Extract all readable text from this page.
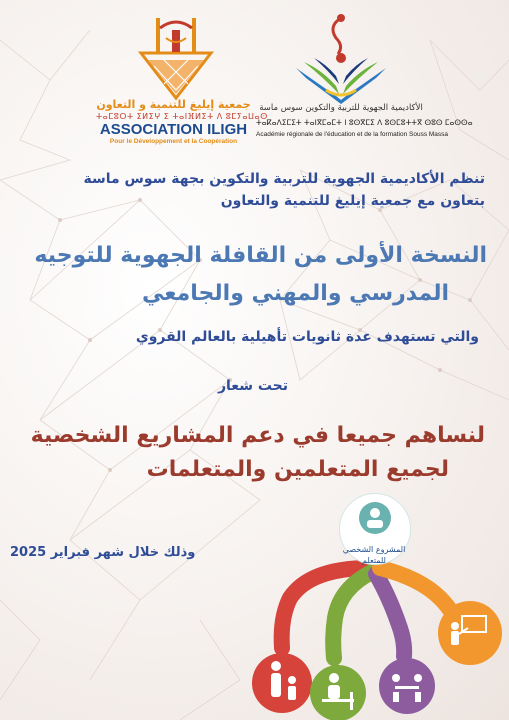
جمعية إيليغ للتنمية و التعاون
ⵜⴰⵎⵓⵔⵜ ⵉⵍⵉⵖ ⵉ ⵜⴰⵏⴼⵍⵉⵜ ⴷ ⵓⵎⵢⴰⵡⴰⵙ
ASSOCIATION ILIGH
Pour le Développement et la Coopération
الأكاديمية الجهوية للتربية والتكوين سوس ماسة
ⵜⴰⴽⴰⴷⵉⵎⵉⵜ ⵜⴰⵏⴳⵎⴰⵎⵜ ⵏ ⵓⵙⴳⵎⵉ ⴷ ⵓⵙⵎⵓⵜⵜⴳ ⵙⵓⵙ ⵎⴰⵙⵙⴰ
Académie régionale de l'éducation et de la formation Souss Massa
تنظم الأكاديمية الجهوية للتربية والتكوين بجهة سوس ماسة
بتعاون مع جمعية إيليغ للتنمية والتعاون
النسخة الأولى من القافلة الجهوية للتوجيه
المدرسي والمهني والجامعي
والتي تستهدف عدة ثانويات تأهيلية بالعالم القروي
تحت شعار
لنساهم جميعا في دعم المشاريع الشخصية
لجميع المتعلمين والمتعلمات
وذلك خلال شهر فبراير 2025	المشروع الشخصي
للمتعلم
